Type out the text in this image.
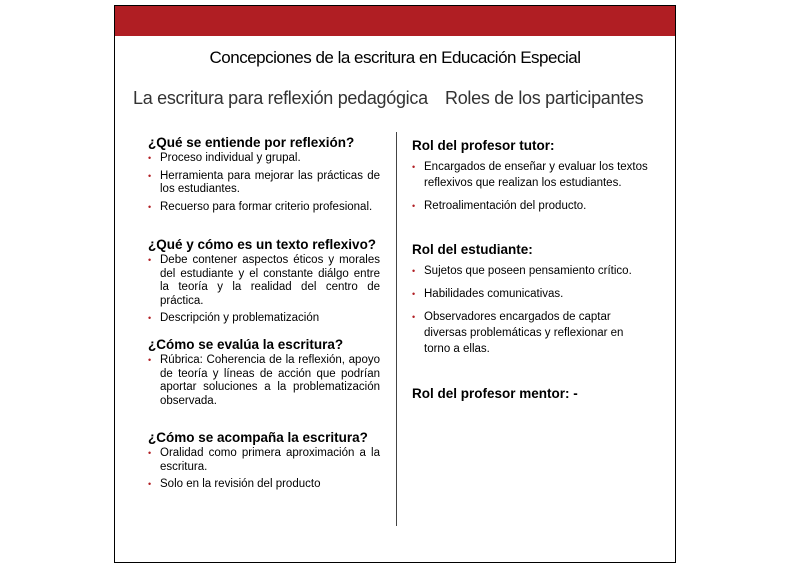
Concepciones de la escritura en Educación Especial
La escritura para reflexión pedagógica Roles de los participantes
¿Qué se entiende por reflexión?
• Proceso individual y grupal.
• Herramienta para mejorar las prácticas de los estudiantes.
• Recuerso para formar criterio profesional.
¿Qué y cómo es un texto reflexivo?
• Debe contener aspectos éticos y morales del estudiante y el constante diálgo entre la teoría y la realidad del centro de práctica.
• Descripción y problematización
¿Cómo se evalúa la escritura?
• Rúbrica: Coherencia de la reflexión, apoyo de teoría y líneas de acción que podrían aportar soluciones a la problematización observada.
¿Cómo se acompaña la escritura?
• Oralidad como primera aproximación a la escritura.
• Solo en la revisión del producto
Rol del profesor tutor:
• Encargados de enseñar y evaluar los textos reflexivos que realizan los estudiantes.
• Retroalimentación del producto.
Rol del estudiante:
• Sujetos que poseen pensamiento crítico.
• Habilidades comunicativas.
• Observadores encargados de captar diversas problemáticas y reflexionar en torno a ellas.
Rol del profesor mentor: -
